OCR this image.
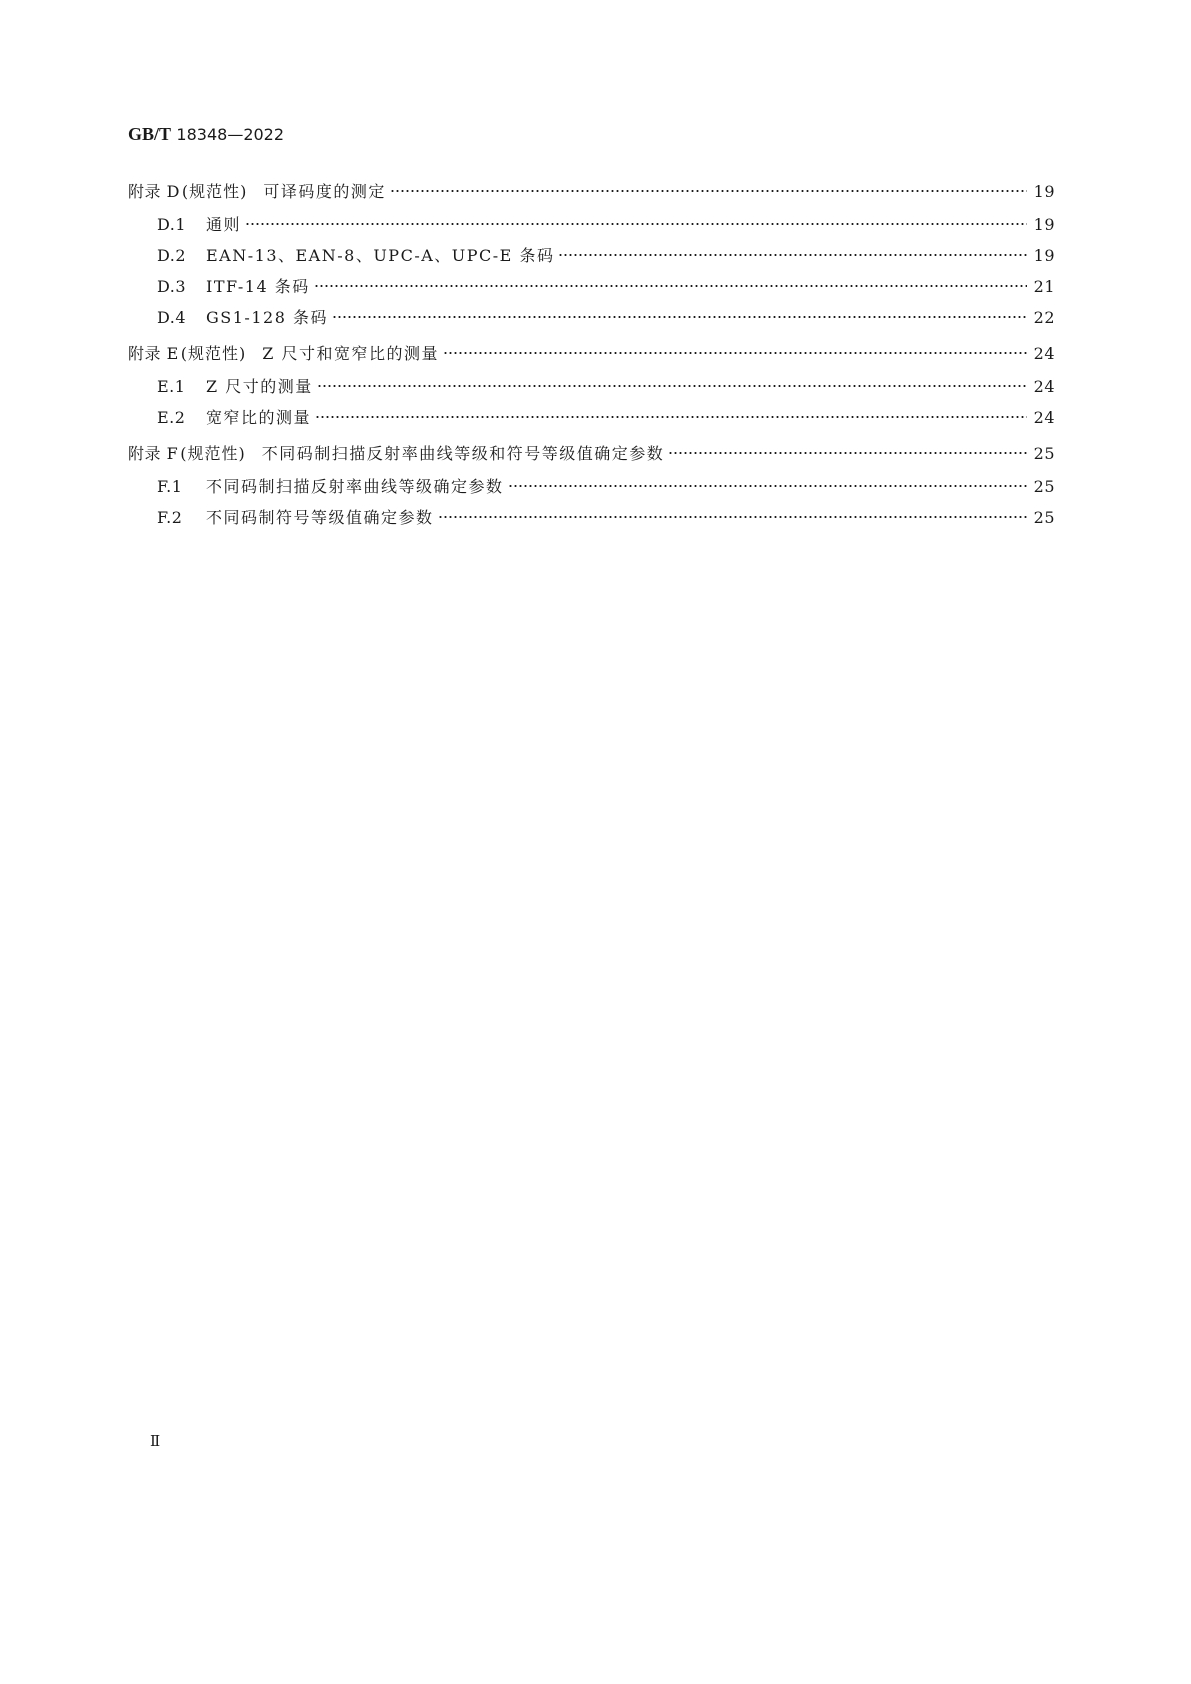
GB/T 18348—2022
附录 D (规范性) 可译码度的测定	19
D.1	通则	19
D.2	EAN-13、EAN-8、UPC-A、UPC-E 条码	19
D.3	ITF-14 条码	21
D.4	GS1-128 条码	22
附录 E (规范性) Z 尺寸和宽窄比的测量	24
E.1	Z 尺寸的测量	24
E.2	宽窄比的测量	24
附录 F (规范性) 不同码制扫描反射率曲线等级和符号等级值确定参数	25
F.1	不同码制扫描反射率曲线等级确定参数	25
F.2	不同码制符号等级值确定参数	25
Ⅱ
